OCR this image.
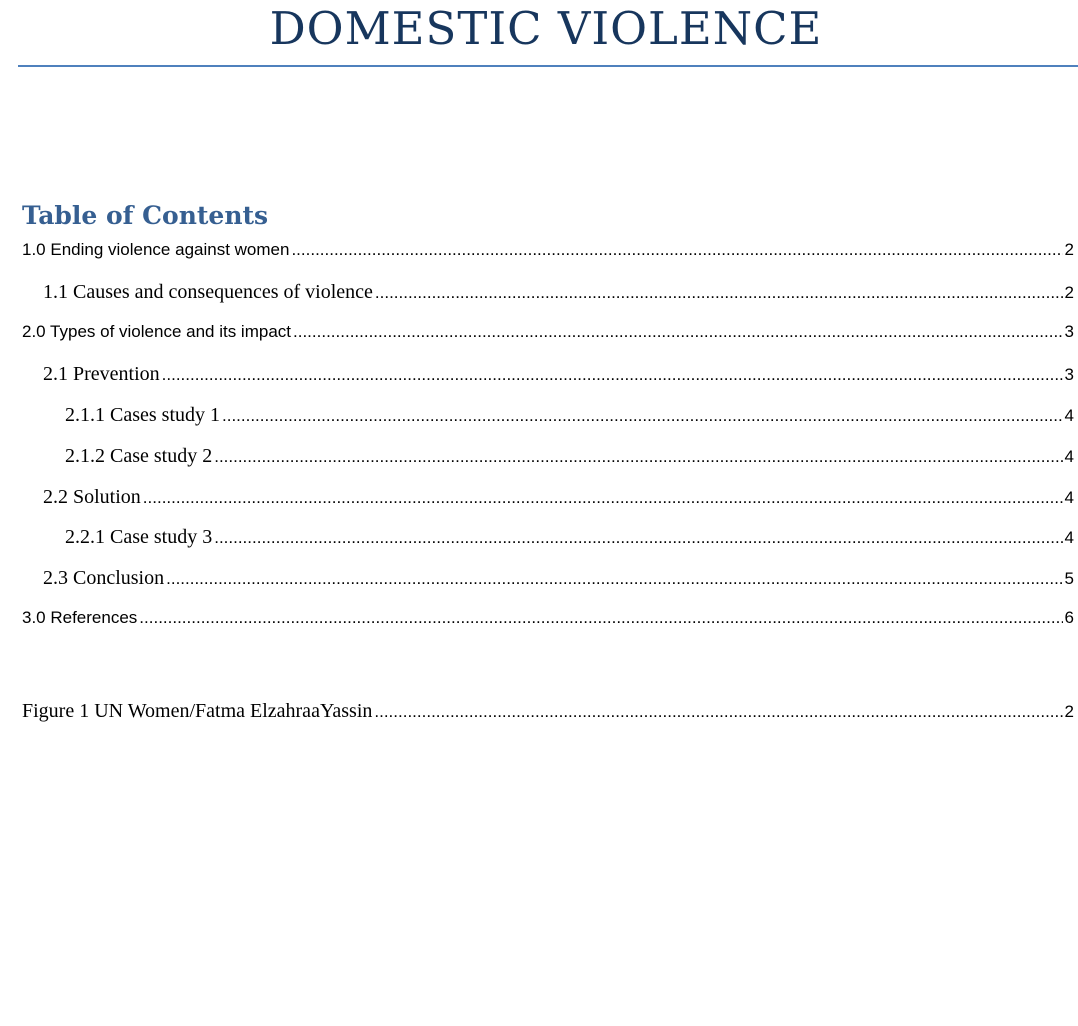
DOMESTIC VIOLENCE
Table of Contents
1.0 Ending violence against women .....	2
1.1 Causes and consequences of violence .....	2
2.0 Types of violence and its impact .....	3
2.1 Prevention .....	3
2.1.1 Cases study 1 .....	4
2.1.2 Case study 2 .....	4
2.2 Solution .....	4
2.2.1 Case study 3 .....	4
2.3 Conclusion .....	5
3.0 References .....	6
Figure 1 UN Women/Fatma ElzahraaYassin .....	2
